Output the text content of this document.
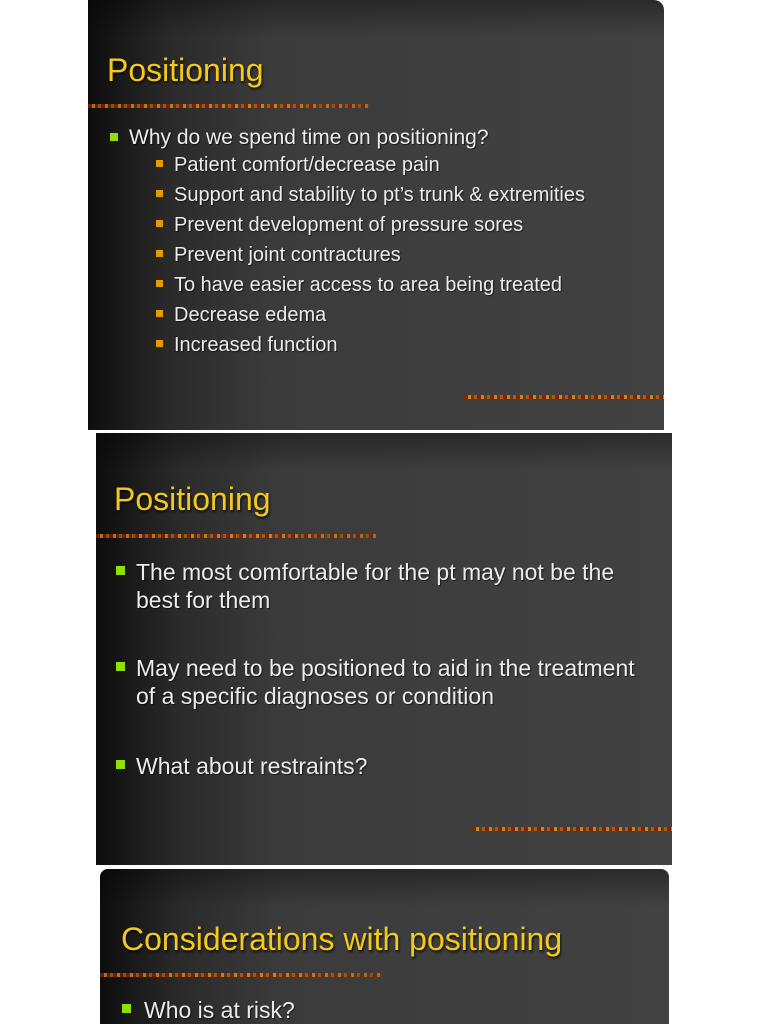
Positioning
Why do we spend time on positioning?
Patient comfort/decrease pain
Support and stability to pt’s trunk & extremities
Prevent development of pressure sores
Prevent joint contractures
To have easier access to area being treated
Decrease edema
Increased function
Positioning
The most comfortable for the pt may not be the best for them
May need to be positioned to aid in the treatment of a specific diagnoses or condition
What about restraints?
Considerations with positioning
Who is at risk?
